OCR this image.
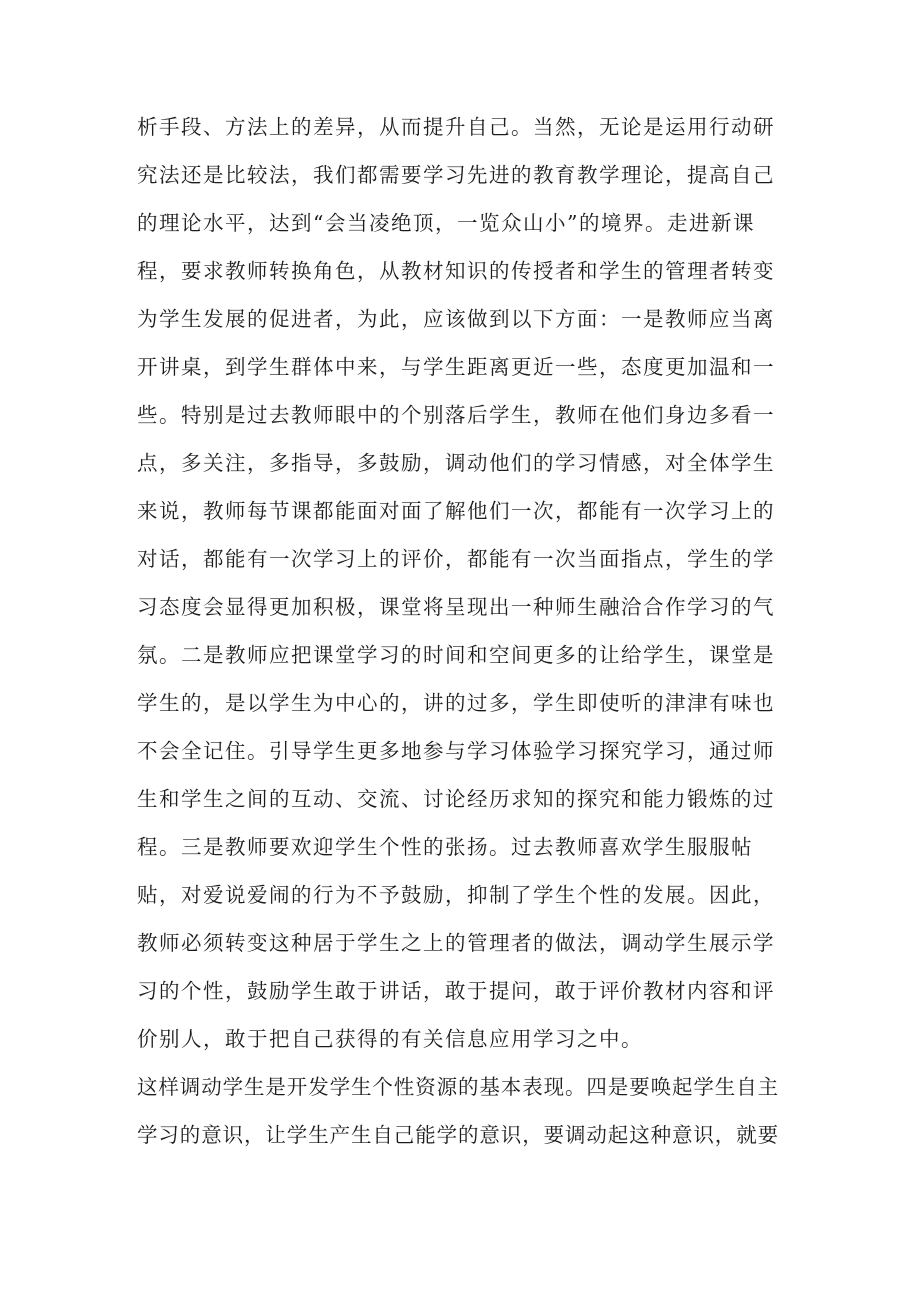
析手段、方法上的差异，从而提升自己。当然，无论是运用行动研
究法还是比较法，我们都需要学习先进的教育教学理论，提高自己
的理论水平，达到“会当凌绝顶，一览众山小”的境界。走进新课
程，要求教师转换角色，从教材知识的传授者和学生的管理者转变
为学生发展的促进者，为此，应该做到以下方面：一是教师应当离
开讲桌，到学生群体中来，与学生距离更近一些，态度更加温和一
些。特别是过去教师眼中的个别落后学生，教师在他们身边多看一
点，多关注，多指导，多鼓励，调动他们的学习情感，对全体学生
来说，教师每节课都能面对面了解他们一次，都能有一次学习上的
对话，都能有一次学习上的评价，都能有一次当面指点，学生的学
习态度会显得更加积极，课堂将呈现出一种师生融洽合作学习的气
氛。二是教师应把课堂学习的时间和空间更多的让给学生，课堂是
学生的，是以学生为中心的，讲的过多，学生即使听的津津有味也
不会全记住。引导学生更多地参与学习体验学习探究学习，通过师
生和学生之间的互动、交流、讨论经历求知的探究和能力锻炼的过
程。三是教师要欢迎学生个性的张扬。过去教师喜欢学生服服帖
贴，对爱说爱闹的行为不予鼓励，抑制了学生个性的发展。因此，
教师必须转变这种居于学生之上的管理者的做法，调动学生展示学
习的个性，鼓励学生敢于讲话，敢于提问，敢于评价教材内容和评
价别人，敢于把自己获得的有关信息应用学习之中。
这样调动学生是开发学生个性资源的基本表现。四是要唤起学生自主
学习的意识，让学生产生自己能学的意识，要调动起这种意识，就要
